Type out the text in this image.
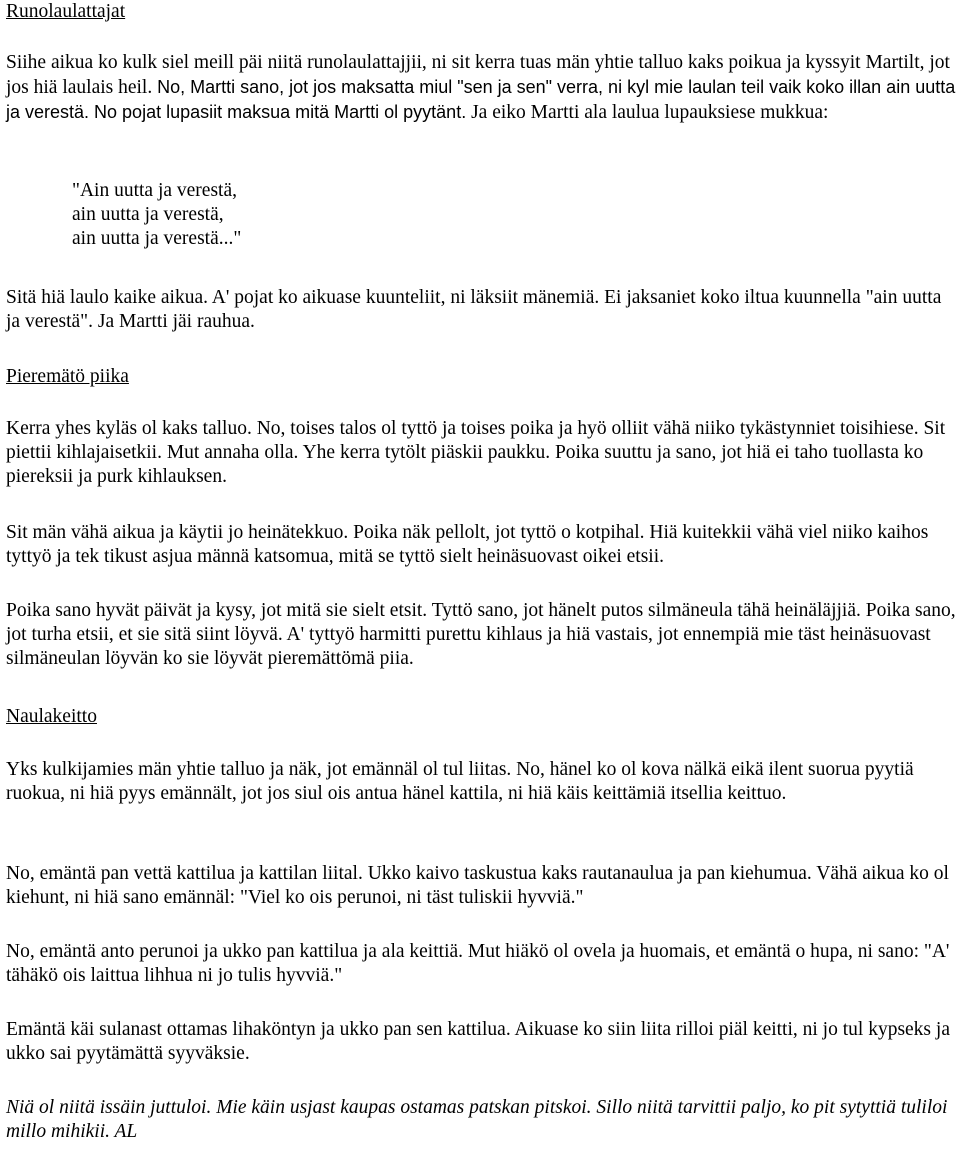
Runolaulattajat

Siihe aikua ko kulk siel meill päi niitä runolaulattajjii, ni sit kerra tuas män yhtie talluo kaks poikua ja kyssyit Martilt, jot jos hiä laulais heil. No, Martti sano, jot jos maksatta miul "sen ja sen" verra, ni kyl mie laulan teil vaik koko illan ain uutta ja verestä. No pojat lupasiit maksua mitä Martti ol pyytänt. Ja eiko Martti ala laulua lupauksiese mukkua:

"Ain uutta ja verestä,
ain uutta ja verestä,
ain uutta ja verestä..."

Sitä hiä laulo kaike aikua. A' pojat ko aikuase kuunteliit, ni läksiit mänemiä. Ei jaksaniet koko iltua kuunnella "ain uutta ja verestä". Ja Martti jäi rauhua.

Pieremätö piika

Kerra yhes kyläs ol kaks talluo. No, toises talos ol tyttö ja toises poika ja hyö olliit vähä niiko tykästynniet toisihiese. Sit piettii kihlajaisetkii. Mut annaha olla. Yhe kerra tytölt piäskii paukku. Poika suuttu ja sano, jot hiä ei taho tuollasta ko piereksii ja purk kihlauksen.

Sit män vähä aikua ja käytii jo heinätekkuo. Poika näk pellolt, jot tyttö o kotpihal. Hiä kuitekkii vähä viel niiko kaihos tyttyö ja tek tikust asjua männä katsomua, mitä se tyttö sielt heinäsuovast oikei etsii.

Poika sano hyvät päivät ja kysy, jot mitä sie sielt etsit. Tyttö sano, jot hänelt putos silmäneula tähä heinäläjjiä. Poika sano, jot turha etsii, et sie sitä siint löyvä. A' tyttyö harmitti purettu kihlaus ja hiä vastais, jot ennempiä mie täst heinäsuovast silmäneulan löyvän ko sie löyvät pieremättömä piia.

Naulakeitto

Yks kulkijamies män yhtie talluo ja näk, jot emännäl ol tul liitas. No, hänel ko ol kova nälkä eikä ilent suorua pyytiä ruokua, ni hiä pyys emännält, jot jos siul ois antua hänel kattila, ni hiä käis keittämiä itsellia keittuo.

No, emäntä pan vettä kattilua ja kattilan liital. Ukko kaivo taskustua kaks rautanaulua ja pan kiehumua. Vähä aikua ko ol kiehunt, ni hiä sano emännäl: "Viel ko ois perunoi, ni täst tuliskii hyvviä."

No, emäntä anto perunoi ja ukko pan kattilua ja ala keittiä. Mut hiäkö ol ovela ja huomais, et emäntä o hupa, ni sano: "A' tähäkö ois laittua lihhua ni jo tulis hyvviä."

Emäntä käi sulanast ottamas lihaköntyn ja ukko pan sen kattilua. Aikuase ko siin liita rilloi piäl keitti, ni jo tul kypseks ja ukko sai pyytämättä syyväksie.

Niä ol niitä issäin juttuloi. Mie käin usjast kaupas ostamas patskan pitskoi. Sillo niitä tarvittii paljo, ko pit sytyttiä tuliloi millo mihikii. AL
